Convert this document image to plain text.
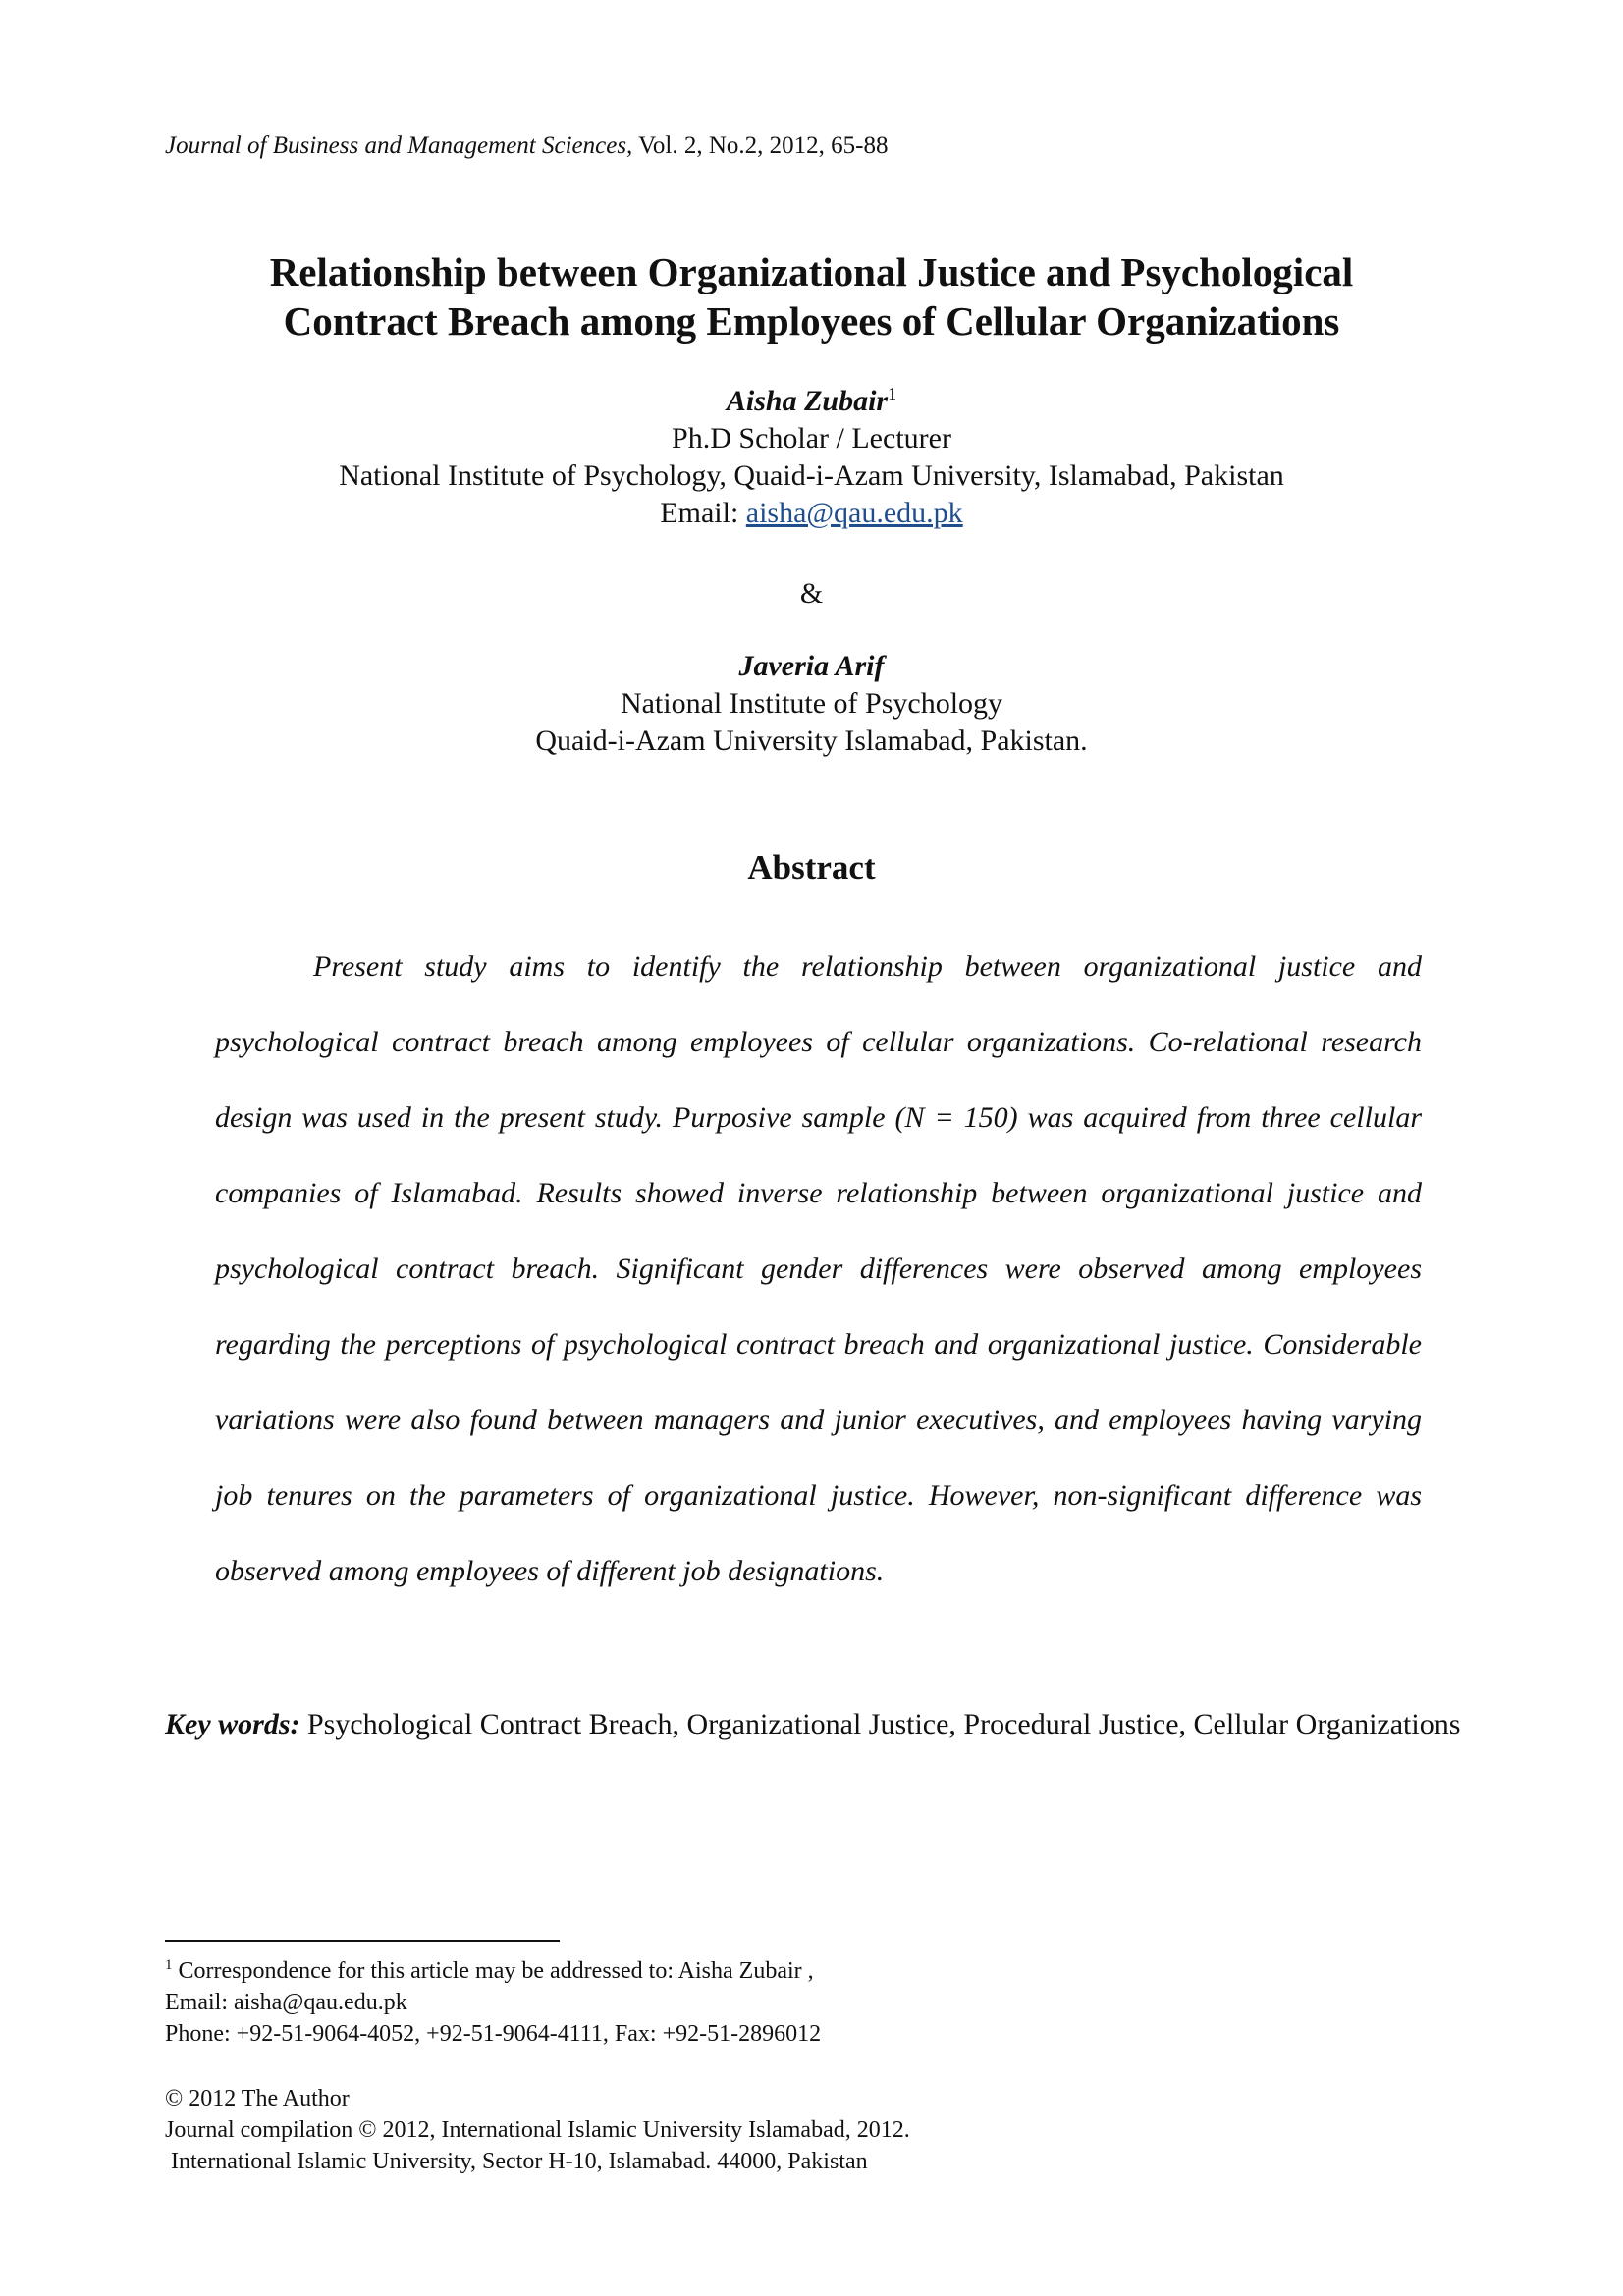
Journal of Business and Management Sciences, Vol. 2, No.2, 2012, 65-88
Relationship between Organizational Justice and Psychological
Contract Breach among Employees of Cellular Organizations
Aisha Zubair$^1$
Ph.D Scholar / Lecturer
National Institute of Psychology, Quaid-i-Azam University, Islamabad, Pakistan
Email: aisha@qau.edu.pk
&
Javeria Arif
National Institute of Psychology
Quaid-i-Azam University Islamabad, Pakistan.
Abstract
Present study aims to identify the relationship between organizational justice and psychological contract breach among employees of cellular organizations. Co-relational research design was used in the present study. Purposive sample (N = 150) was acquired from three cellular companies of Islamabad. Results showed inverse relationship between organizational justice and psychological contract breach. Significant gender differences were observed among employees regarding the perceptions of psychological contract breach and organizational justice. Considerable variations were also found between managers and junior executives, and employees having varying job tenures on the parameters of organizational justice. However, non-significant difference was observed among employees of different job designations.
Key words: Psychological Contract Breach, Organizational Justice, Procedural Justice, Cellular Organizations
$^1$ Correspondence for this article may be addressed to: Aisha Zubair ,
Email: aisha@qau.edu.pk
Phone: +92-51-9064-4052, +92-51-9064-4111, Fax: +92-51-2896012
© 2012 The Author
Journal compilation © 2012, International Islamic University Islamabad, 2012.
International Islamic University, Sector H-10, Islamabad. 44000, Pakistan
